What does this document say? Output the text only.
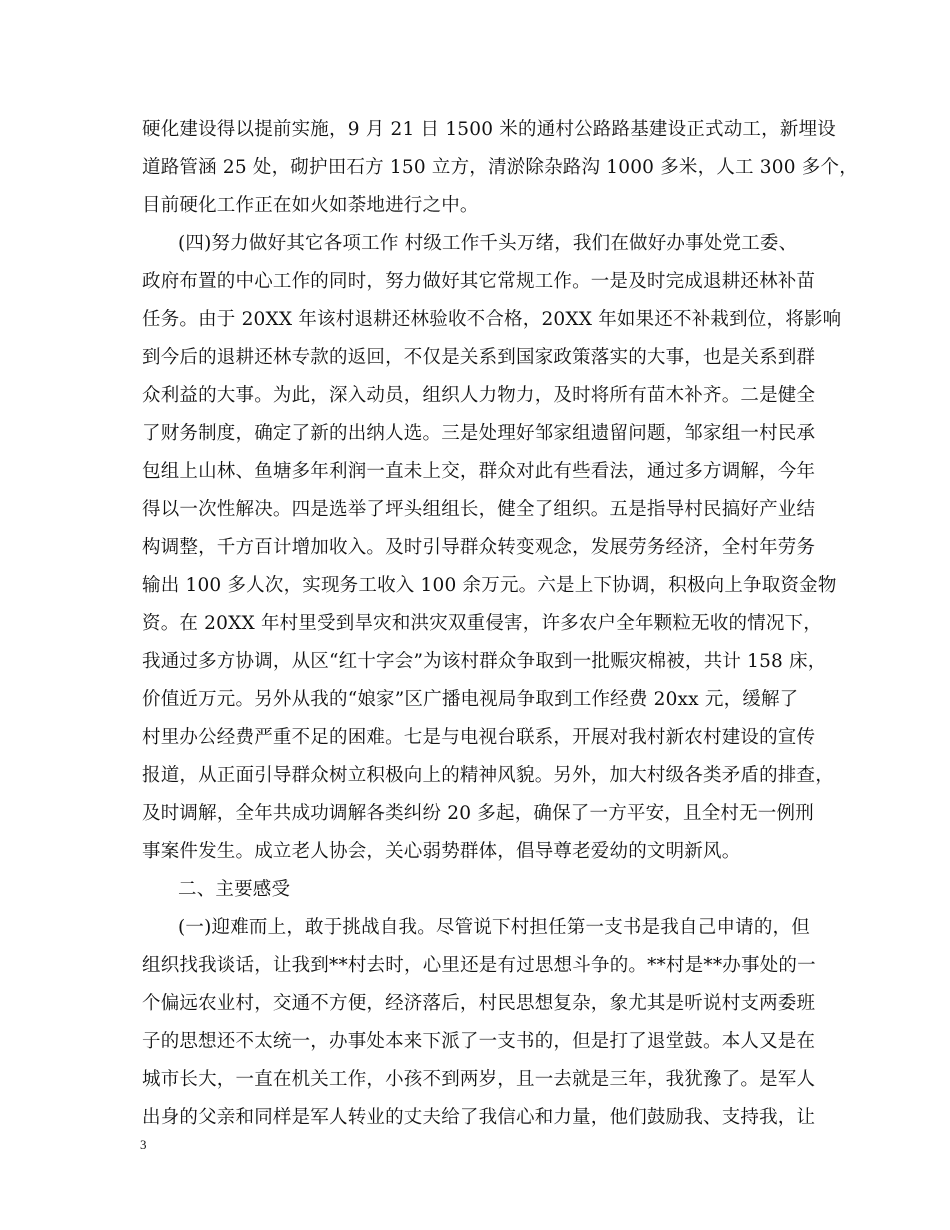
硬化建设得以提前实施，9 月 21 日 1500 米的通村公路路基建设正式动工，新埋设
道路管涵 25 处，砌护田石方 150 立方，清淤除杂路沟 1000 多米，人工 300 多个，
目前硬化工作正在如火如荼地进行之中。
(四)努力做好其它各项工作 村级工作千头万绪，我们在做好办事处党工委、
政府布置的中心工作的同时，努力做好其它常规工作。一是及时完成退耕还林补苗
任务。由于 20XX 年该村退耕还林验收不合格，20XX 年如果还不补栽到位，将影响
到今后的退耕还林专款的返回，不仅是关系到国家政策落实的大事，也是关系到群
众利益的大事。为此，深入动员，组织人力物力，及时将所有苗木补齐。二是健全
了财务制度，确定了新的出纳人选。三是处理好邹家组遗留问题，邹家组一村民承
包组上山林、鱼塘多年利润一直未上交，群众对此有些看法，通过多方调解，今年
得以一次性解决。四是选举了坪头组组长，健全了组织。五是指导村民搞好产业结
构调整，千方百计增加收入。及时引导群众转变观念，发展劳务经济，全村年劳务
输出 100 多人次，实现务工收入 100 余万元。六是上下协调，积极向上争取资金物
资。在 20XX 年村里受到旱灾和洪灾双重侵害，许多农户全年颗粒无收的情况下，
我通过多方协调，从区“红十字会”为该村群众争取到一批赈灾棉被，共计 158 床，
价值近万元。另外从我的“娘家”区广播电视局争取到工作经费 20xx 元，缓解了
村里办公经费严重不足的困难。七是与电视台联系，开展对我村新农村建设的宣传
报道，从正面引导群众树立积极向上的精神风貌。另外，加大村级各类矛盾的排查，
及时调解，全年共成功调解各类纠纷 20 多起，确保了一方平安，且全村无一例刑
事案件发生。成立老人协会，关心弱势群体，倡导尊老爱幼的文明新风。
二、主要感受
(一)迎难而上，敢于挑战自我。尽管说下村担任第一支书是我自己申请的，但
组织找我谈话，让我到**村去时，心里还是有过思想斗争的。**村是**办事处的一
个偏远农业村，交通不方便，经济落后，村民思想复杂，象尤其是听说村支两委班
子的思想还不太统一，办事处本来下派了一支书的，但是打了退堂鼓。本人又是在
城市长大，一直在机关工作，小孩不到两岁，且一去就是三年，我犹豫了。是军人
出身的父亲和同样是军人转业的丈夫给了我信心和力量，他们鼓励我、支持我，让
3
